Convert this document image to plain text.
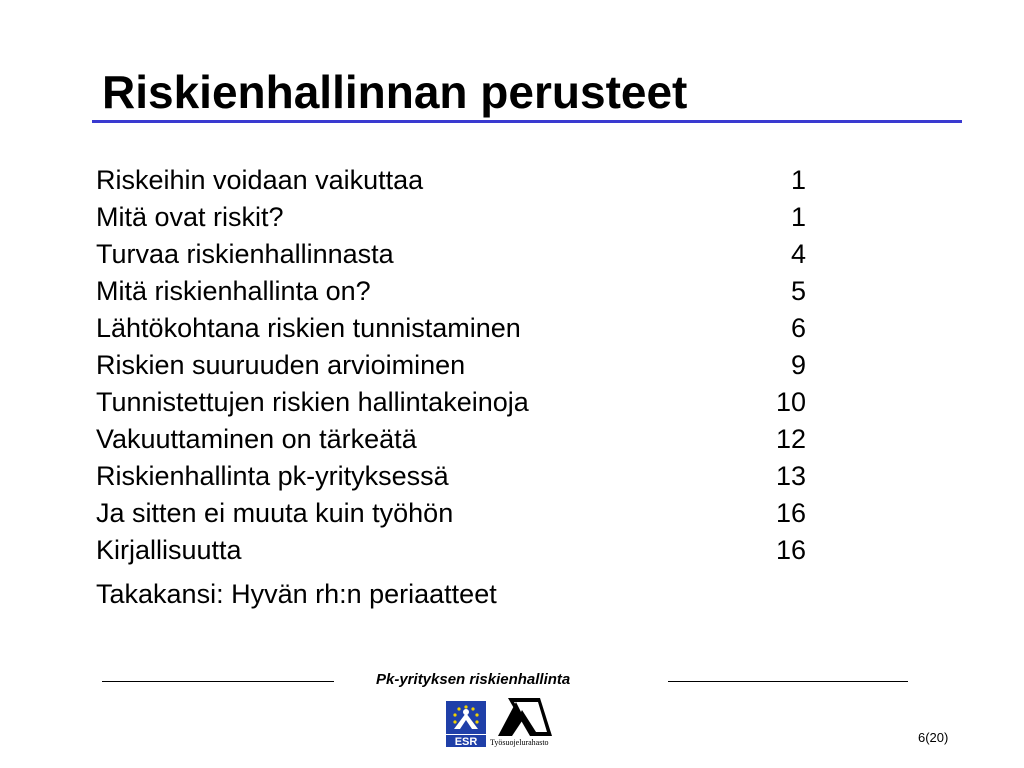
Riskienhallinnan perusteet
Riskeihin voidaan vaikuttaa	1
Mitä ovat riskit?	1
Turvaa riskienhallinnasta	4
Mitä riskienhallinta on?	5
Lähtökohtana riskien tunnistaminen	6
Riskien suuruuden arvioiminen	9
Tunnistettujen riskien hallintakeinoja	10
Vakuuttaminen on tärkeätä	12
Riskienhallinta pk-yrityksessä	13
Ja sitten ei muuta kuin työhön	16
Kirjallisuutta	16
Takakansi: Hyvän rh:n periaatteet
Pk-yrityksen riskienhallinta
ESR Työsuojelurahasto	6(20)
